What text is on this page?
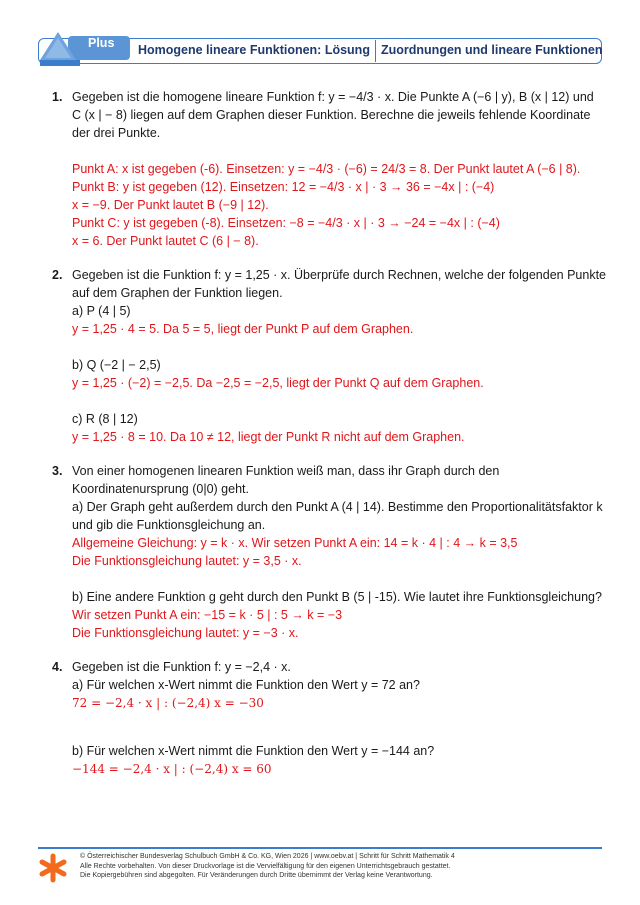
Plus Homogene lineare Funktionen: Lösung Zuordnungen und lineare Funktionen
1. Gegeben ist die homogene lineare Funktion f: y = −4/3 · x. Die Punkte A (−6 | y), B (x | 12) und
C (x | − 8) liegen auf dem Graphen dieser Funktion. Berechne die jeweils fehlende Koordinate
der drei Punkte.
Punkt A: x ist gegeben (-6). Einsetzen: y = −4/3 · (−6) = 24/3 = 8. Der Punkt lautet A (−6 | 8).
Punkt B: y ist gegeben (12). Einsetzen: 12 = −4/3 · x | · 3 → 36 = −4x | : (−4)
x = −9. Der Punkt lautet B (−9 | 12).
Punkt C: y ist gegeben (-8). Einsetzen: −8 = −4/3 · x | · 3 → −24 = −4x | : (−4)
x = 6. Der Punkt lautet C (6 | − 8).
2. Gegeben ist die Funktion f: y = 1,25 · x. Überprüfe durch Rechnen, welche der folgenden Punkte
auf dem Graphen der Funktion liegen.
a) P (4 | 5)
y = 1,25 · 4 = 5. Da 5 = 5, liegt der Punkt P auf dem Graphen.
b) Q (−2 | − 2,5)
y = 1,25 · (−2) = −2,5. Da −2,5 = −2,5, liegt der Punkt Q auf dem Graphen.
c) R (8 | 12)
y = 1,25 · 8 = 10. Da 10 ≠ 12, liegt der Punkt R nicht auf dem Graphen.
3. Von einer homogenen linearen Funktion weiß man, dass ihr Graph durch den
Koordinatenursprung (0|0) geht.
a) Der Graph geht außerdem durch den Punkt A (4 | 14). Bestimme den Proportionalitätsfaktor k
und gib die Funktionsgleichung an.
Allgemeine Gleichung: y = k · x. Wir setzen Punkt A ein: 14 = k · 4 | : 4 → k = 3,5
Die Funktionsgleichung lautet: y = 3,5 · x.
b) Eine andere Funktion g geht durch den Punkt B (5 | -15). Wie lautet ihre Funktionsgleichung?
Wir setzen Punkt A ein: −15 = k · 5 | : 5 → k = −3
Die Funktionsgleichung lautet: y = −3 · x.
4. Gegeben ist die Funktion f: y = −2,4 · x.
a) Für welchen x-Wert nimmt die Funktion den Wert y = 72 an?
72 = −2,4 · x | : (−2,4) x = −30
b) Für welchen x-Wert nimmt die Funktion den Wert y = −144 an?
−144 = −2,4 · x | : (−2,4) x = 60
© Österreichischer Bundesverlag Schulbuch GmbH & Co. KG, Wien 2026 | www.oebv.at | Schritt für Schritt Mathematik 4
Alle Rechte vorbehalten. Von dieser Druckvorlage ist die Vervielfältigung für den eigenen Unterrichtsgebrauch gestattet.
Die Kopiergebühren sind abgegolten. Für Veränderungen durch Dritte übernimmt der Verlag keine Verantwortung.
